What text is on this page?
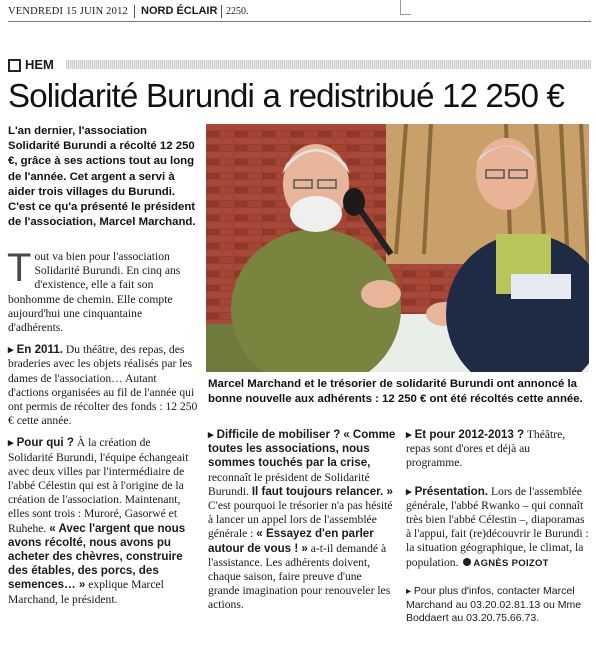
VENDREDI 15 JUIN 2012 NORD ÉCLAIR 2250.
HEM
Solidarité Burundi a redistribué 12 250 €
L'an dernier, l'association Solidarité Burundi a récolté 12 250 €, grâce à ses actions tout au long de l'année. Cet argent a servi à aider trois villages du Burundi. C'est ce qu'a présenté le président de l'association, Marcel Marchand.
Marcel Marchand et le trésorier de solidarité Burundi ont annoncé la bonne nouvelle aux adhérents : 12 250 € ont été récoltés cette année.

Tout va bien pour l'association Solidarité Burundi. En cinq ans d'existence, elle a fait son bonhomme de chemin. Elle compte aujourd'hui une cinquantaine d'adhérents.

▸ En 2011. Du théâtre, des repas, des braderies avec les objets réalisés par les dames de l'association… Autant d'actions organisées au fil de l'année qui ont permis de récolter des fonds : 12 250 € cette année.

▸ Pour qui ? À la création de Solidarité Burundi, l'équipe échangeait avec deux villes par l'intermédiaire de l'abbé Célestin qui est à l'origine de la création de l'association. Maintenant, elles sont trois : Muroré, Gasorwé et Ruhehe. « Avec l'argent que nous avons récolté, nous avons pu acheter des chèvres, construire des étables, des porcs, des semences… » explique Marcel Marchand, le président.

▸ Difficile de mobiliser ? « Comme toutes les associations, nous sommes touchés par la crise, reconnaît le président de Solidarité Burundi. Il faut toujours relancer. » C'est pourquoi le trésorier n'a pas hésité à lancer un appel lors de l'assemblée générale : « Essayez d'en parler autour de vous ! » a-t-il demandé à l'assistance. Les adhérents doivent, chaque saison, faire preuve d'une grande imagination pour renouveler les actions.

▸ Et pour 2012-2013 ? Théâtre, repas sont d'ores et déjà au programme.

▸ Présentation. Lors de l'assemblée générale, l'abbé Rwanko – qui connaît très bien l'abbé Célestin –, diaporamas à l'appui, fait (re)découvrir le Burundi : la situation géographique, le climat, la population. AGNÈS POIZOT

▸ Pour plus d'infos, contacter Marcel Marchand au 03.20.02.81.13 ou Mme Boddaert au 03.20.75.66.73.
